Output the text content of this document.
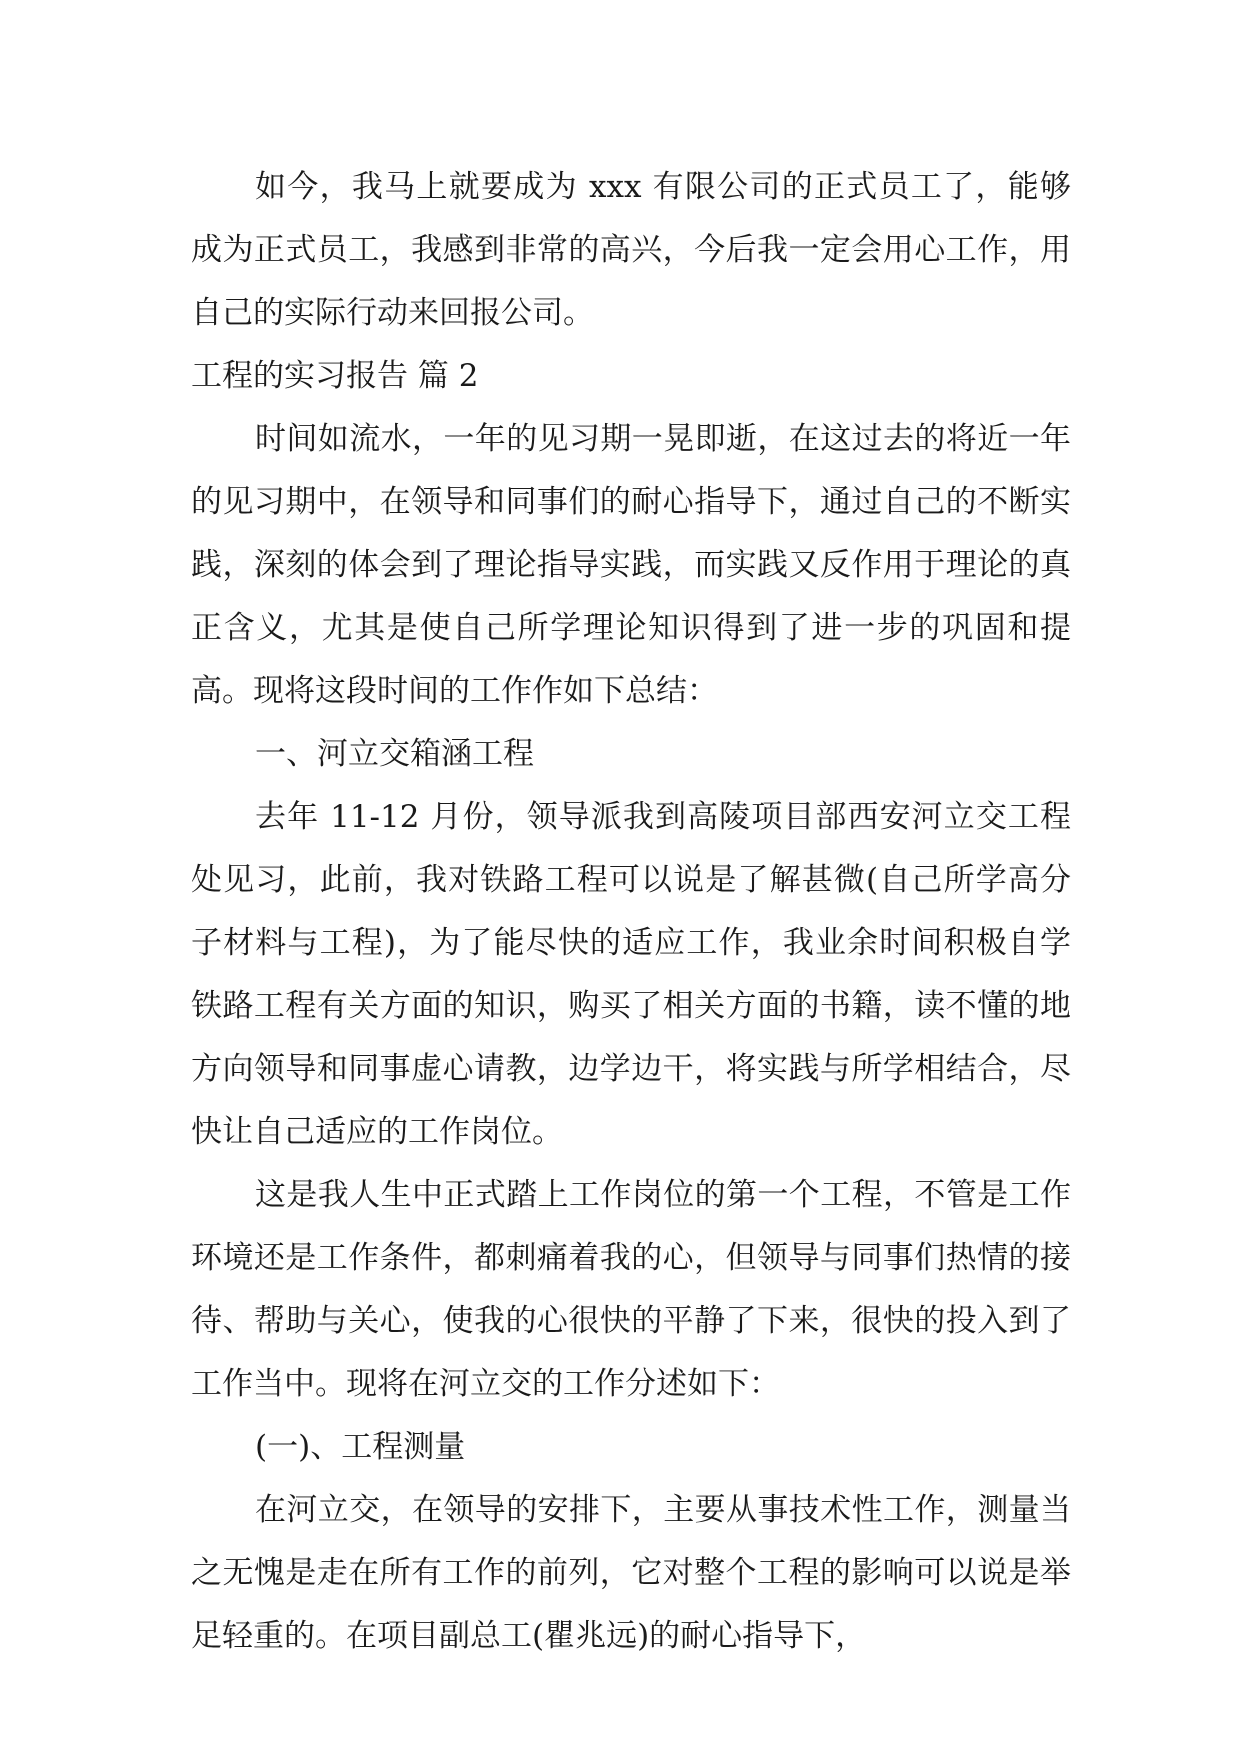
如今，我马上就要成为 xxx 有限公司的正式员工了，能够成为正式员工，我感到非常的高兴，今后我一定会用心工作，用自己的实际行动来回报公司。

工程的实习报告 篇 2

时间如流水，一年的见习期一晃即逝，在这过去的将近一年的见习期中，在领导和同事们的耐心指导下，通过自己的不断实践，深刻的体会到了理论指导实践，而实践又反作用于理论的真正含义，尤其是使自己所学理论知识得到了进一步的巩固和提高。现将这段时间的工作作如下总结：

一、河立交箱涵工程

去年 11-12 月份，领导派我到高陵项目部西安河立交工程处见习，此前，我对铁路工程可以说是了解甚微(自己所学高分子材料与工程)，为了能尽快的适应工作，我业余时间积极自学铁路工程有关方面的知识，购买了相关方面的书籍，读不懂的地方向领导和同事虚心请教，边学边干，将实践与所学相结合，尽快让自己适应的工作岗位。

这是我人生中正式踏上工作岗位的第一个工程，不管是工作环境还是工作条件，都刺痛着我的心，但领导与同事们热情的接待、帮助与关心，使我的心很快的平静了下来，很快的投入到了工作当中。现将在河立交的工作分述如下：

(一)、工程测量

在河立交，在领导的安排下，主要从事技术性工作，测量当之无愧是走在所有工作的前列，它对整个工程的影响可以说是举足轻重的。在项目副总工(瞿兆远)的耐心指导下，
